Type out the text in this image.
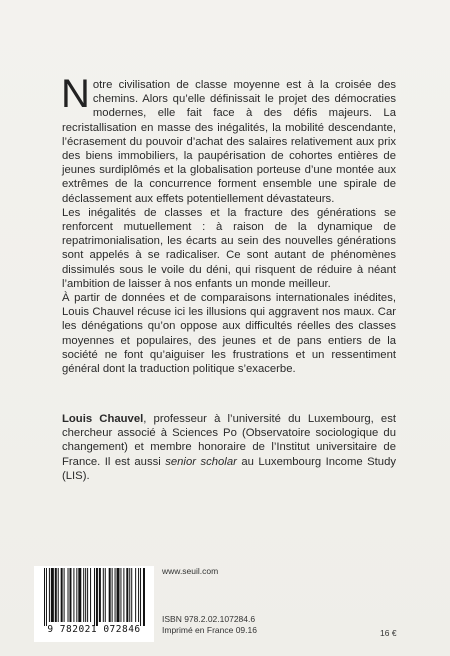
Notre civilisation de classe moyenne est à la croisée des chemins. Alors qu’elle définissait le projet des démocraties modernes, elle fait face à des défis majeurs. La recristallisation en masse des inégalités, la mobilité descendante, l’écrasement du pouvoir d’achat des salaires relativement aux prix des biens immobiliers, la paupérisation de cohortes entières de jeunes surdiplômés et la globalisation porteuse d’une montée aux extrêmes de la concurrence forment ensemble une spirale de déclassement aux effets potentiellement dévastateurs.

Les inégalités de classes et la fracture des générations se renforcent mutuellement : à raison de la dynamique de repatrimonialisation, les écarts au sein des nouvelles générations sont appelés à se radicaliser. Ce sont autant de phénomènes dissimulés sous le voile du déni, qui risquent de réduire à néant l’ambition de laisser à nos enfants un monde meilleur.

À partir de données et de comparaisons internationales inédites, Louis Chauvel récuse ici les illusions qui aggravent nos maux. Car les dénégations qu’on oppose aux difficultés réelles des classes moyennes et populaires, des jeunes et de pans entiers de la société ne font qu’aiguiser les frustrations et un ressentiment général dont la traduction politique s’exacerbe.

Louis Chauvel, professeur à l’université du Luxembourg, est chercheur associé à Sciences Po (Observatoire sociologique du changement) et membre honoraire de l’Institut universitaire de France. Il est aussi senior scholar au Luxembourg Income Study (LIS).

9 782021 072846
www.seuil.com
ISBN 978.2.02.107284.6
Imprimé en France 09.16	16 €
